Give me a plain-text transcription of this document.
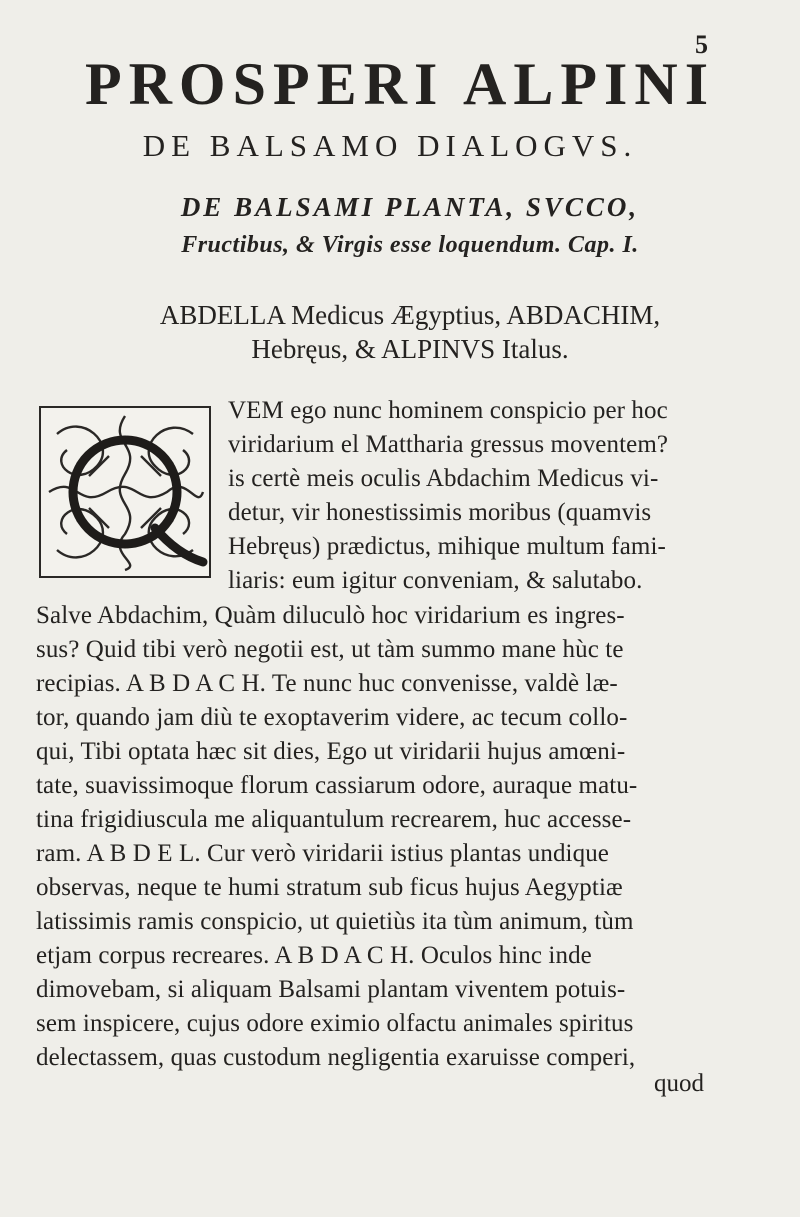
5
PROSPERI ALPINI
DE BALSAMO DIALOGVS.
DE BALSAMI PLANTA, SVCCO,
Fructibus, & Virgis esse loquendum. Cap. I.
ABDELLA Medicus Ægyptius, ABDACHIM,
Hebręus, & ALPINVS Italus.
VEM ego nunc hominem conspicio per hoc
viridarium el Mattharia gressus moventem?
is certè meis oculis Abdachim Medicus vi-
detur, vir honestissimis moribus (quamvis
Hebręus) prædictus, mihique multum fami-
liaris: eum igitur conveniam, & salutabo.
Salve Abdachim, Quàm diluculò hoc viridarium es ingres-
sus? Quid tibi verò negotii est, ut tàm summo mane hùc te
recipias. A B D A C H. Te nunc huc convenisse, valdè læ-
tor, quando jam diù te exoptaverim videre, ac tecum collo-
qui, Tibi optata hæc sit dies, Ego ut viridarii hujus amœni-
tate, suavissimoque florum cassiarum odore, auraque matu-
tina frigidiuscula me aliquantulum recrearem, huc accesse-
ram. A B D E L. Cur verò viridarii istius plantas undique
observas, neque te humi stratum sub ficus hujus Aegyptiæ
latissimis ramis conspicio, ut quietiùs ita tùm animum, tùm
etjam corpus recreares. A B D A C H. Oculos hinc inde
dimovebam, si aliquam Balsami plantam viventem potuis-
sem inspicere, cujus odore eximio olfactu animales spiritus
delectassem, quas custodum negligentia exaruisse comperi,
quod
